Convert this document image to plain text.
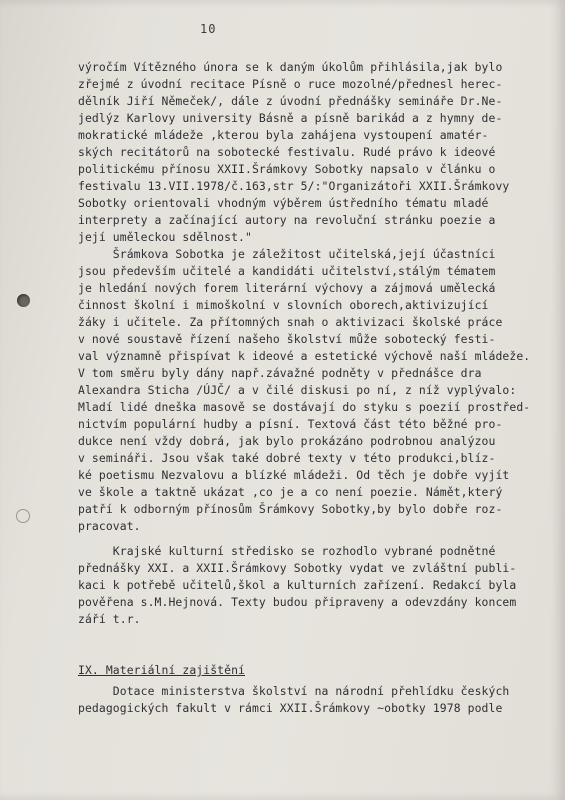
10
výročím Vítězného února se k daným úkolům přihlásila,jak bylo
zřejmé z úvodní recitace Písně o ruce mozolné/přednesl herec-
dělník Jiří Němeček/, dále z úvodní přednášky semináře Dr.Ne-
jedlýz Karlovy university Básně a písně barikád a z hymny de-
mokratické mládeže ,kterou byla zahájena vystoupení amatér-
ských recitátorů na sobotecké festivalu. Rudé právo k ideové
politickému přínosu XXII.Šrámkovy Sobotky napsalo v článku o
festivalu 13.VII.1978/č.163,str 5/:"Organizátoři XXII.Šrámkovy
Sobotky orientovali vhodným výběrem ústředního tématu mladé
interprety a začínající autory na revoluční stránku poezie a
její uměleckou sdělnost."
Šrámkova Sobotka je záležitost učitelská,její účastníci
jsou především učitelé a kandidáti učitelství,stálým tématem
je hledání nových forem literární výchovy a zájmová umělecká
činnost školní i mimoškolní v slovních oborech,aktivizující
žáky i učitele. Za přítomných snah o aktivizaci školské práce
v nové soustavě řízení našeho školství může sobotecký festi-
val významně přispívat k ideové a estetické výchově naší mládeže.
V tom směru byly dány např.závažné podněty v přednášce dra
Alexandra Sticha /ÚJČ/ a v čilé diskusi po ní, z níž vyplývalo:
Mladí lidé dneška masově se dostávají do styku s poezií prostřed-
nictvím populární hudby a písní. Textová část této běžné pro-
dukce není vždy dobrá, jak bylo prokázáno podrobnou analýzou
v semináři. Jsou však také dobré texty v této produkci,blíz-
ké poetismu Nezvalovu a blízké mládeži. Od těch je dobře vyjít
ve škole a taktně ukázat ,co je a co není poezie. Námět,který
patří k odborným přínosům Šrámkovy Sobotky,by bylo dobře roz-
pracovat.
Krajské kulturní středisko se rozhodlo vybrané podnětné
přednášky XXI. a XXII.Šrámkovy Sobotky vydat ve zvláštní publi-
kaci k potřebě učitelů,škol a kulturních zařízení. Redakcí byla
pověřena s.M.Hejnová. Texty budou připraveny a odevzdány koncem
září t.r.
IX. Materiální zajištění
Dotace ministerstva školství na národní přehlídku českých
pedagogických fakult v rámci XXII.Šrámkovy ~obotky 1978 podle
